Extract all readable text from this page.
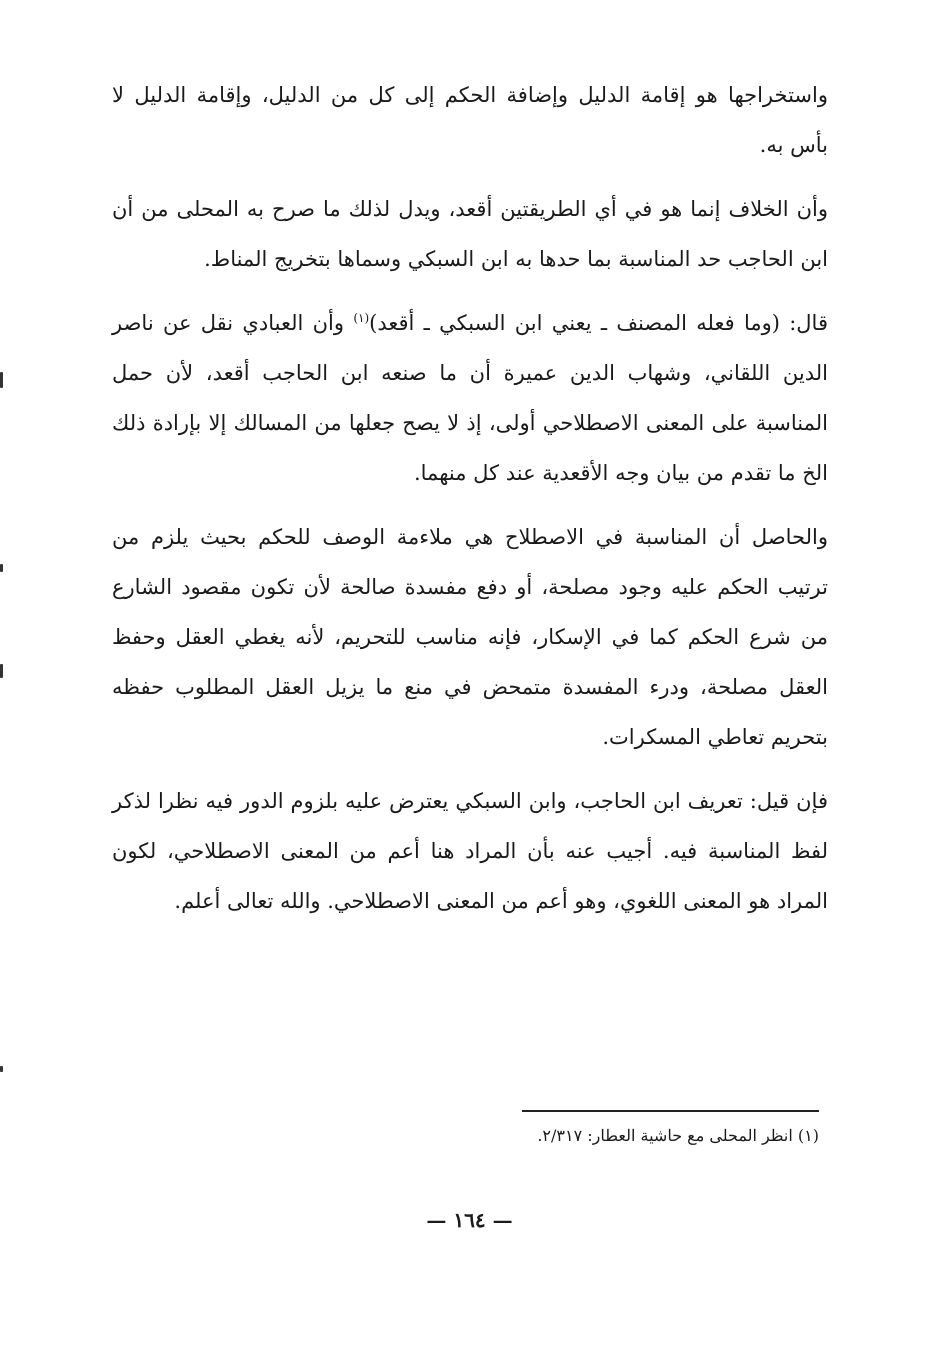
واستخراجها هو إقامة الدليل وإضافة الحكم إلى كل من الدليل، وإقامة الدليل لا بأس به.

وأن الخلاف إنما هو في أي الطريقتين أقعد، ويدل لذلك ما صرح به المحلى من أن ابن الحاجب حد المناسبة بما حدها به ابن السبكي وسماها بتخريج المناط.

قال: (وما فعله المصنف ـ يعني ابن السبكي ـ أقعد)$^{(١)}$ وأن العبادي نقل عن ناصر الدين اللقاني، وشهاب الدين عميرة أن ما صنعه ابن الحاجب أقعد، لأن حمل المناسبة على المعنى الاصطلاحي أولى، إذ لا يصح جعلها من المسالك إلا بإرادة ذلك الخ ما تقدم من بيان وجه الأقعدية عند كل منهما.

والحاصل أن المناسبة في الاصطلاح هي ملاءمة الوصف للحكم بحيث يلزم من ترتيب الحكم عليه وجود مصلحة، أو دفع مفسدة صالحة لأن تكون مقصود الشارع من شرع الحكم كما في الإسكار، فإنه مناسب للتحريم، لأنه يغطي العقل وحفظ العقل مصلحة، ودرء المفسدة متمحض في منع ما يزيل العقل المطلوب حفظه بتحريم تعاطي المسكرات.

فإن قيل: تعريف ابن الحاجب، وابن السبكي يعترض عليه بلزوم الدور فيه نظرا لذكر لفظ المناسبة فيه. أجيب عنه بأن المراد هنا أعم من المعنى الاصطلاحي، لكون المراد هو المعنى اللغوي، وهو أعم من المعنى الاصطلاحي. والله تعالى أعلم.

(١) انظر المحلى مع حاشية العطار: ٢/٣١٧.
— ١٦٤ —
